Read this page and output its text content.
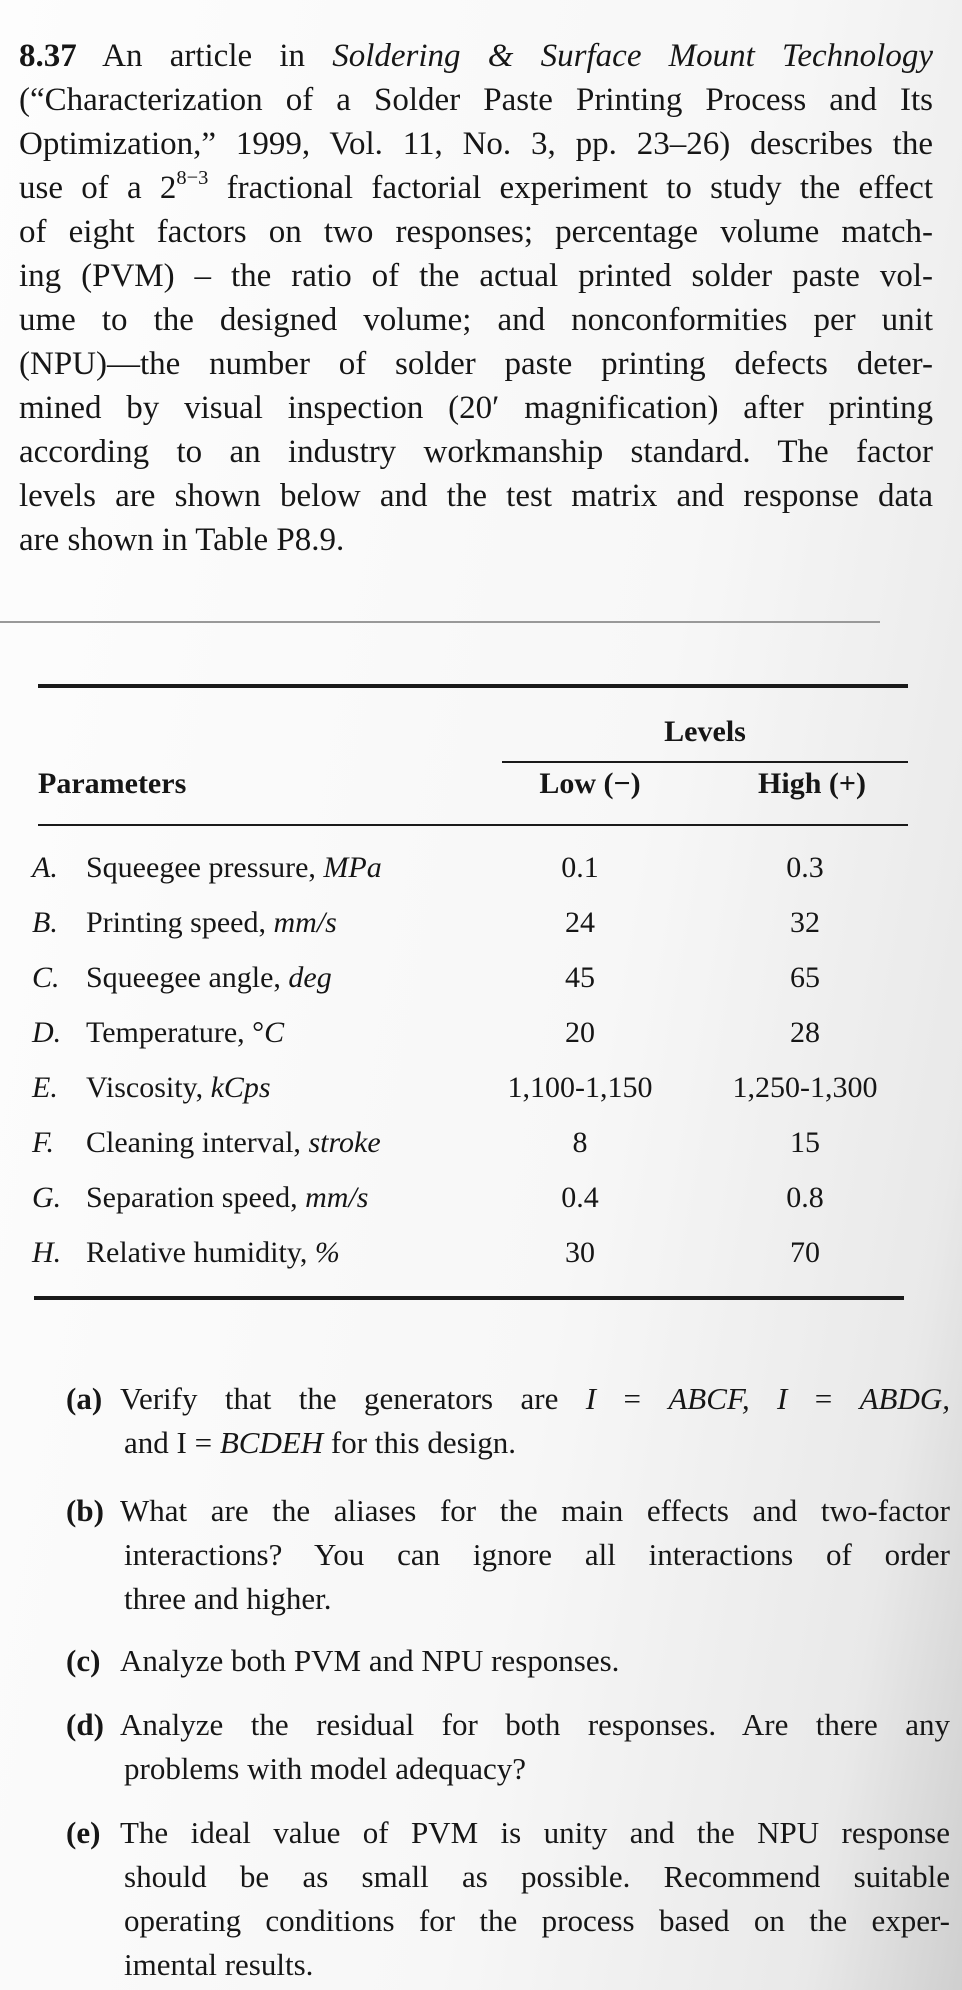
8.37 An article in Soldering & Surface Mount Technology
(“Characterization of a Solder Paste Printing Process and Its
Optimization,” 1999, Vol. 11, No. 3, pp. 23–26) describes the
use of a $2^{8-3}$ fractional factorial experiment to study the effect
of eight factors on two responses; percentage volume match-
ing (PVM) – the ratio of the actual printed solder paste vol-
ume to the designed volume; and nonconformities per unit
(NPU)—the number of solder paste printing defects deter-
mined by visual inspection (20′ magnification) after printing
according to an industry workmanship standard. The factor
levels are shown below and the test matrix and response data
are shown in Table P8.9.
Levels
Parameters	Low (−)	High (+)
A. Squeegee pressure, MPa	0.1	0.3
B. Printing speed, mm/s	24	32
C. Squeegee angle, deg	45	65
D. Temperature, °C	20	28
E. Viscosity, kCps	1,100-1,150	1,250-1,300
F. Cleaning interval, stroke	8	15
G. Separation speed, mm/s	0.4	0.8
H. Relative humidity, %	30	70
(a) Verify that the generators are I = ABCF, I = ABDG,
and I = BCDEH for this design.
(b) What are the aliases for the main effects and two-factor
interactions? You can ignore all interactions of order
three and higher.
(c) Analyze both PVM and NPU responses.
(d) Analyze the residual for both responses. Are there any
problems with model adequacy?
(e) The ideal value of PVM is unity and the NPU response
should be as small as possible. Recommend suitable
operating conditions for the process based on the exper-
imental results.
